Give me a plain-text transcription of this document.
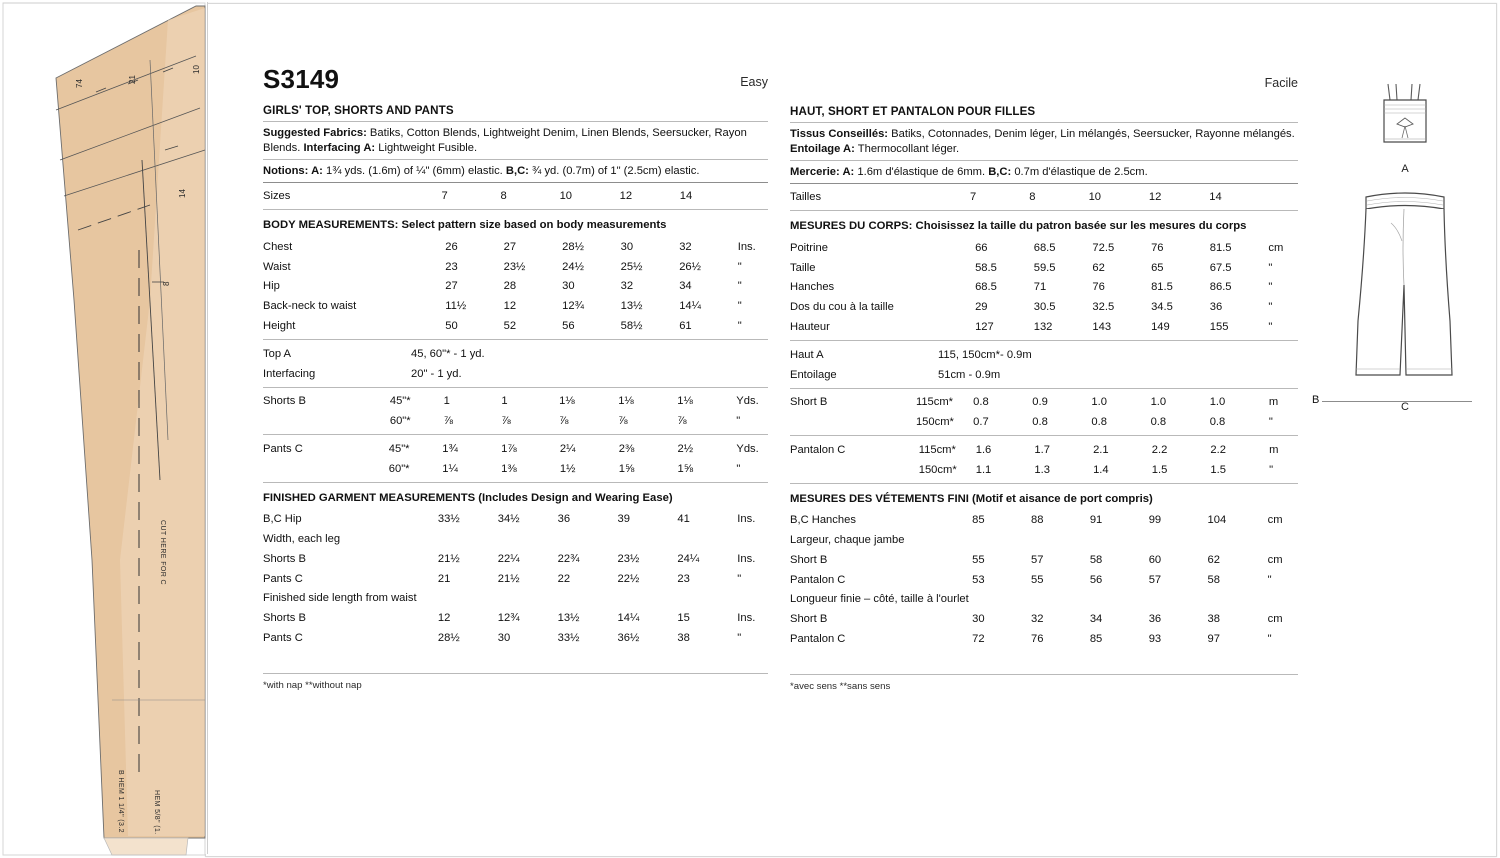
74	21
10
14
8
CUT HERE FOR C
B HEM 1 1/4" (3.2	HEM 5/8" (1.
S3149	Easy
GIRLS' TOP, SHORTS AND PANTS
Suggested Fabrics: Batiks, Cotton Blends, Lightweight Denim, Linen Blends, Seersucker, Rayon Blends. Interfacing A: Lightweight Fusible.
Notions: A: 1¾ yds. (1.6m) of ¼" (6mm) elastic. B,C: ¾ yd. (0.7m) of 1" (2.5cm) elastic.
Sizes		7	8	10	12	14	
BODY MEASUREMENTS: Select pattern size based on body measurements
Chest		26	27	28½	30	32	Ins.
Waist		23	23½	24½	25½	26½	"
Hip		27	28	30	32	34	"
Back-neck to waist		11½	12	12¾	13½	14¼	"
Height		50	52	56	58½	61	"
Top A	45, 60"* - 1 yd.
Interfacing	20" - 1 yd.
Shorts B	45"*	1	1	1⅛	1⅛	1⅛	Yds.
	60"*	⅞	⅞	⅞	⅞	⅞	"
Pants C	45"*	1¾	1⅞	2¼	2⅜	2½	Yds.
	60"*	1¼	1⅜	1½	1⅝	1⅝	"
FINISHED GARMENT MEASUREMENTS (Includes Design and Wearing Ease)
B,C Hip		33½	34½	36	39	41	Ins.
Width, each leg							
Shorts B		21½	22¼	22¾	23½	24¼	Ins.
Pants C		21	21½	22	22½	23	"
Finished side length from waist							
Shorts B		12	12¾	13½	14¼	15	Ins.
Pants C		28½	30	33½	36½	38	"
*with nap **without nap
Facile
HAUT, SHORT ET PANTALON POUR FILLES
Tissus Conseillés: Batiks, Cotonnades, Denim léger, Lin mélangés, Seersucker, Rayonne mélangés. Entoilage A: Thermocollant léger.
Mercerie: A: 1.6m d'élastique de 6mm. B,C: 0.7m d'élastique de 2.5cm.
Tailles		7	8	10	12	14	
MESURES DU CORPS: Choisissez la taille du patron basée sur les mesures du corps
Poitrine		66	68.5	72.5	76	81.5	cm
Taille		58.5	59.5	62	65	67.5	"
Hanches		68.5	71	76	81.5	86.5	"
Dos du cou à la taille		29	30.5	32.5	34.5	36	"
Hauteur		127	132	143	149	155	"
Haut A	115, 150cm*- 0.9m
Entoilage	51cm - 0.9m
Short B	115cm*	0.8	0.9	1.0	1.0	1.0	m
	150cm*	0.7	0.8	0.8	0.8	0.8	"
Pantalon C	115cm*	1.6	1.7	2.1	2.2	2.2	m
	150cm*	1.1	1.3	1.4	1.5	1.5	"
MESURES DES VÉTEMENTS FINI (Motif et aisance de port compris)
B,C Hanches		85	88	91	99	104	cm
Largeur, chaque jambe							
Short B		55	57	58	60	62	cm
Pantalon C		53	55	56	57	58	"
Longueur finie – côté, taille à l'ourlet							
Short B		30	32	34	36	38	cm
Pantalon C		72	76	85	93	97	"
*avec sens **sans sens
A
C
B
